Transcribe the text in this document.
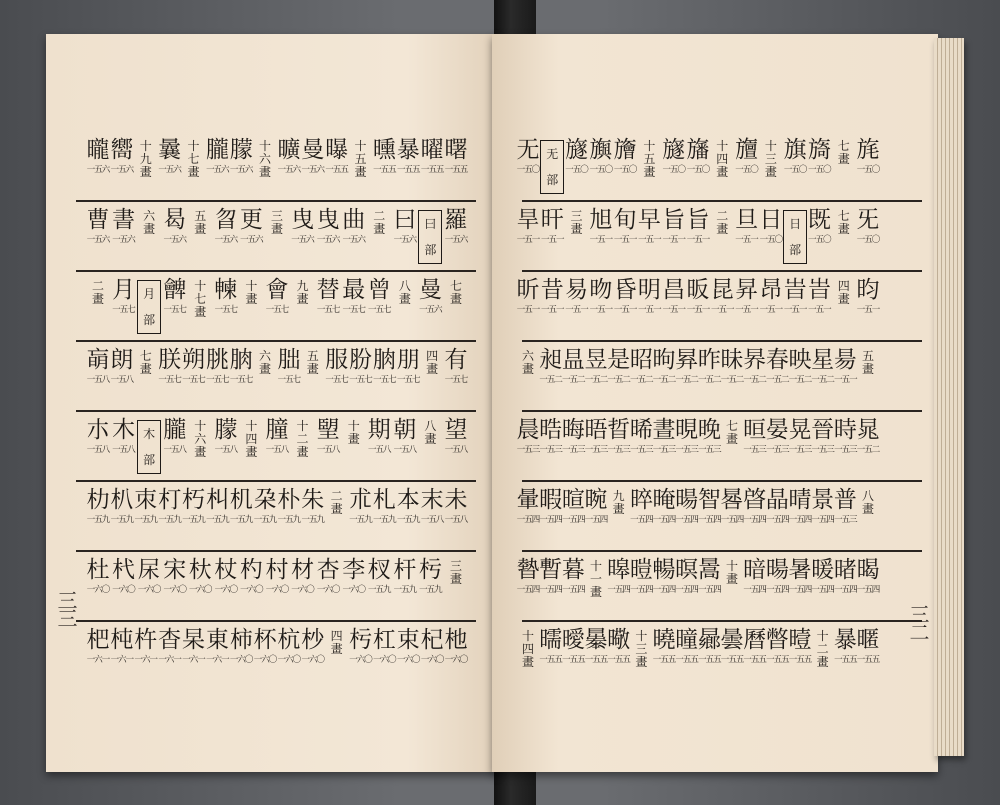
曙
一五五
曜
一五五
暴
一五五
曛
一五五
十五畫
曝
一五五
曼
一五六
曠
一五六
十六畫
朦
一五六
朧
一五六
十七畫
曩
一五六
十九畫
嚮
一五六
曨
一五六
羅
一五六
曰部
曰
一五六
二畫
曲
一五六
曳
一五六
曳
一五六
三畫
更
一五六
曶
一五六
五畫
曷
一五六
六畫
書
一五六
曹
一五六
七畫
曼
一五六
八畫
曾
一五七
最
一五七
替
一五七
九畫
會
一五七
十畫
朄
一五七
十七畫
朇
一五七
月部
月
一五七
二畫
有
一五七
四畫
朋
一五七
朒
一五七
肦
一五七
服
一五七
五畫
朏
一五七
六畫
朒
一五七
朓
一五七
朔
一五七
朕
一五七
七畫
朗
一五八
朚
一五八
望
一五八
八畫
朝
一五八
期
一五八
十畫
朢
一五八
十二畫
朣
一五八
十四畫
朦
一五八
十六畫
朧
一五八
木部
木
一五八
朩
一五八
未
一五八
末
一五八
本
一五九
札
一五九
朮
一五九
二畫
朱
一五九
朴
一五九
朶
一五九
机
一五九
朻
一五九
朽
一五九
朾
一五九
朿
一五九
朳
一五九
朸
一五九
三畫
杇
一五九
杆
一五九
杈
一五九
李
一六〇
杏
一六〇
材
一六〇
村
一六〇
杓
一六〇
杖
一六〇
杕
一六〇
宋
一六〇
杘
一六〇
杙
一六〇
杜
一六〇
杝
一六〇
杞
一六〇
束
一六〇
杠
一六〇
杇
一六〇
四畫
杪
一六〇
杭
一六〇
杯
一六〇
柿
一六〇
東
一六一
杲
一六一
杳
一六一
杵
一六一
杶
一六一
杷
一六一
三三
旄
一五〇
七畫
旖
一五〇
旗
一五〇
十三畫
旜
一五〇
十四畫
旛
一五〇
旞
一五〇
十五畫
旝
一五〇
旟
一五〇
旞
一五〇
无部
无
一五〇
旡
一五〇
七畫
既
一五〇
日部
日
一五〇
旦
一五一
二畫
旨
一五一
旨
一五一
早
一五一
旬
一五一
旭
一五一
三畫
旰
一五一
旱
一五一
昀
一五一
四畫
旹
一五一
旹
一五一
昂
一五一
昇
一五一
昆
一五一
昄
一五一
昌
一五一
明
一五一
昏
一五一
昒
一五一
易
一五一
昔
一五一
昕
一五一
五畫
昜
一五一
星
一五二
映
一五二
春
一五二
昦
一五二
昧
一五二
昨
一五二
昪
一五二
昫
一五二
昭
一五二
是
一五二
昱
一五二
昷
一五二
昶
一五二
六畫
晁
一五二
時
一五三
晉
一五三
晃
一五三
晏
一五三
晅
一五三
七畫
晚
一五三
晛
一五三
晝
一五三
晞
一五三
晢
一五三
晤
一五三
晦
一五三
晧
一五三
晨
一五三
八畫
普
一五三
景
一五四
晴
一五四
晶
一五四
晵
一五四
晷
一五四
智
一五四
暘
一五四
晻
一五四
晬
一五四
九畫
晼
一五四
暄
一五四
暇
一五四
暈
一五四
暍
一五四
暏
一五四
暖
一五四
暑
一五四
暘
一五四
暗
一五四
十畫
暠
一五四
暝
一五四
暢
一五四
暟
一五四
暤
一五四
十一畫
暮
一五四
暫
一五四
暬
一五四
暱
一五五
暴
一五五
十二畫
曀
一五五
暼
一五五
曆
一五五
曇
一五五
曏
一五五
曈
一五五
曉
一五五
十三畫
曔
一五五
曓
一五五
曖
一五五
曘
一五五
十四畫
三二
